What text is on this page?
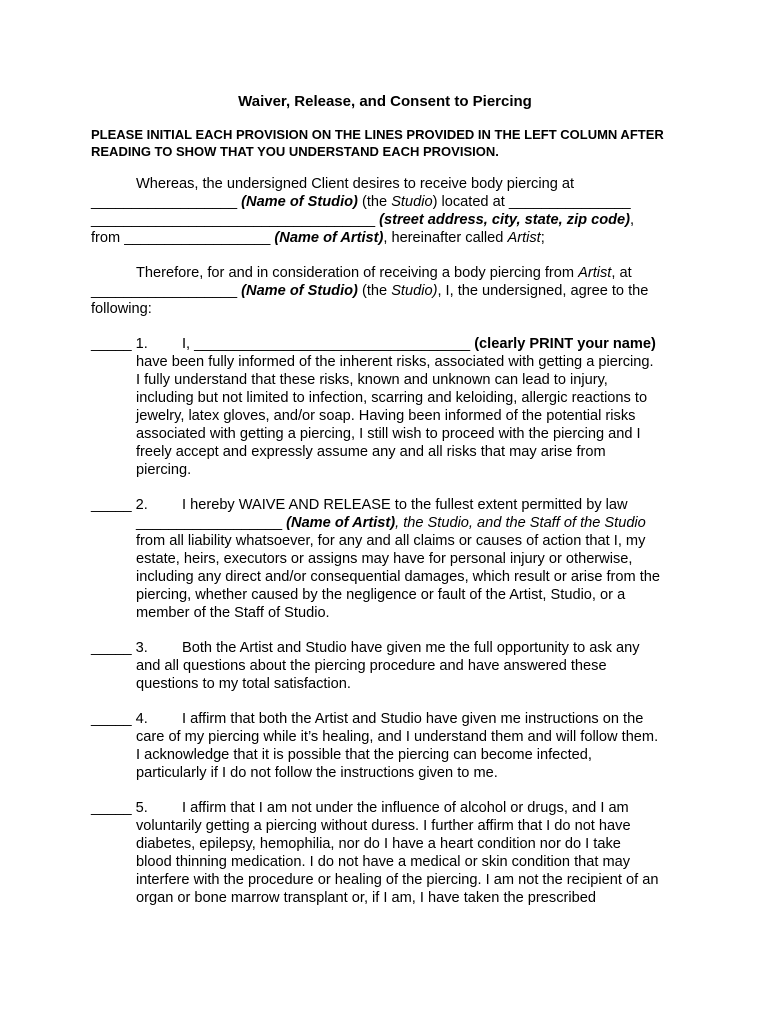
Waiver, Release, and Consent to Piercing
PLEASE INITIAL EACH PROVISION ON THE LINES PROVIDED IN THE LEFT COLUMN AFTER READING TO SHOW THAT YOU UNDERSTAND EACH PROVISION.
Whereas, the undersigned Client desires to receive body piercing at
__________________ (Name of Studio) (the Studio) located at _______________
___________________________________ (street address, city, state, zip code),
from __________________ (Name of Artist), hereinafter called Artist;
Therefore, for and in consideration of receiving a body piercing from Artist, at
__________________ (Name of Studio) (the Studio), I, the undersigned, agree to the
following:
_____ 1. I, __________________________________ (clearly PRINT your name)
have been fully informed of the inherent risks, associated with getting a piercing.
I fully understand that these risks, known and unknown can lead to injury,
including but not limited to infection, scarring and keloiding, allergic reactions to
jewelry, latex gloves, and/or soap. Having been informed of the potential risks
associated with getting a piercing, I still wish to proceed with the piercing and I
freely accept and expressly assume any and all risks that may arise from
piercing.
_____ 2. I hereby WAIVE AND RELEASE to the fullest extent permitted by law
__________________ (Name of Artist), the Studio, and the Staff of the Studio
from all liability whatsoever, for any and all claims or causes of action that I, my
estate, heirs, executors or assigns may have for personal injury or otherwise,
including any direct and/or consequential damages, which result or arise from the
piercing, whether caused by the negligence or fault of the Artist, Studio, or a
member of the Staff of Studio.
_____ 3. Both the Artist and Studio have given me the full opportunity to ask any
and all questions about the piercing procedure and have answered these
questions to my total satisfaction.
_____ 4. I affirm that both the Artist and Studio have given me instructions on the
care of my piercing while it’s healing, and I understand them and will follow them.
I acknowledge that it is possible that the piercing can become infected,
particularly if I do not follow the instructions given to me.
_____ 5. I affirm that I am not under the influence of alcohol or drugs, and I am
voluntarily getting a piercing without duress. I further affirm that I do not have
diabetes, epilepsy, hemophilia, nor do I have a heart condition nor do I take
blood thinning medication. I do not have a medical or skin condition that may
interfere with the procedure or healing of the piercing. I am not the recipient of an
organ or bone marrow transplant or, if I am, I have taken the prescribed
